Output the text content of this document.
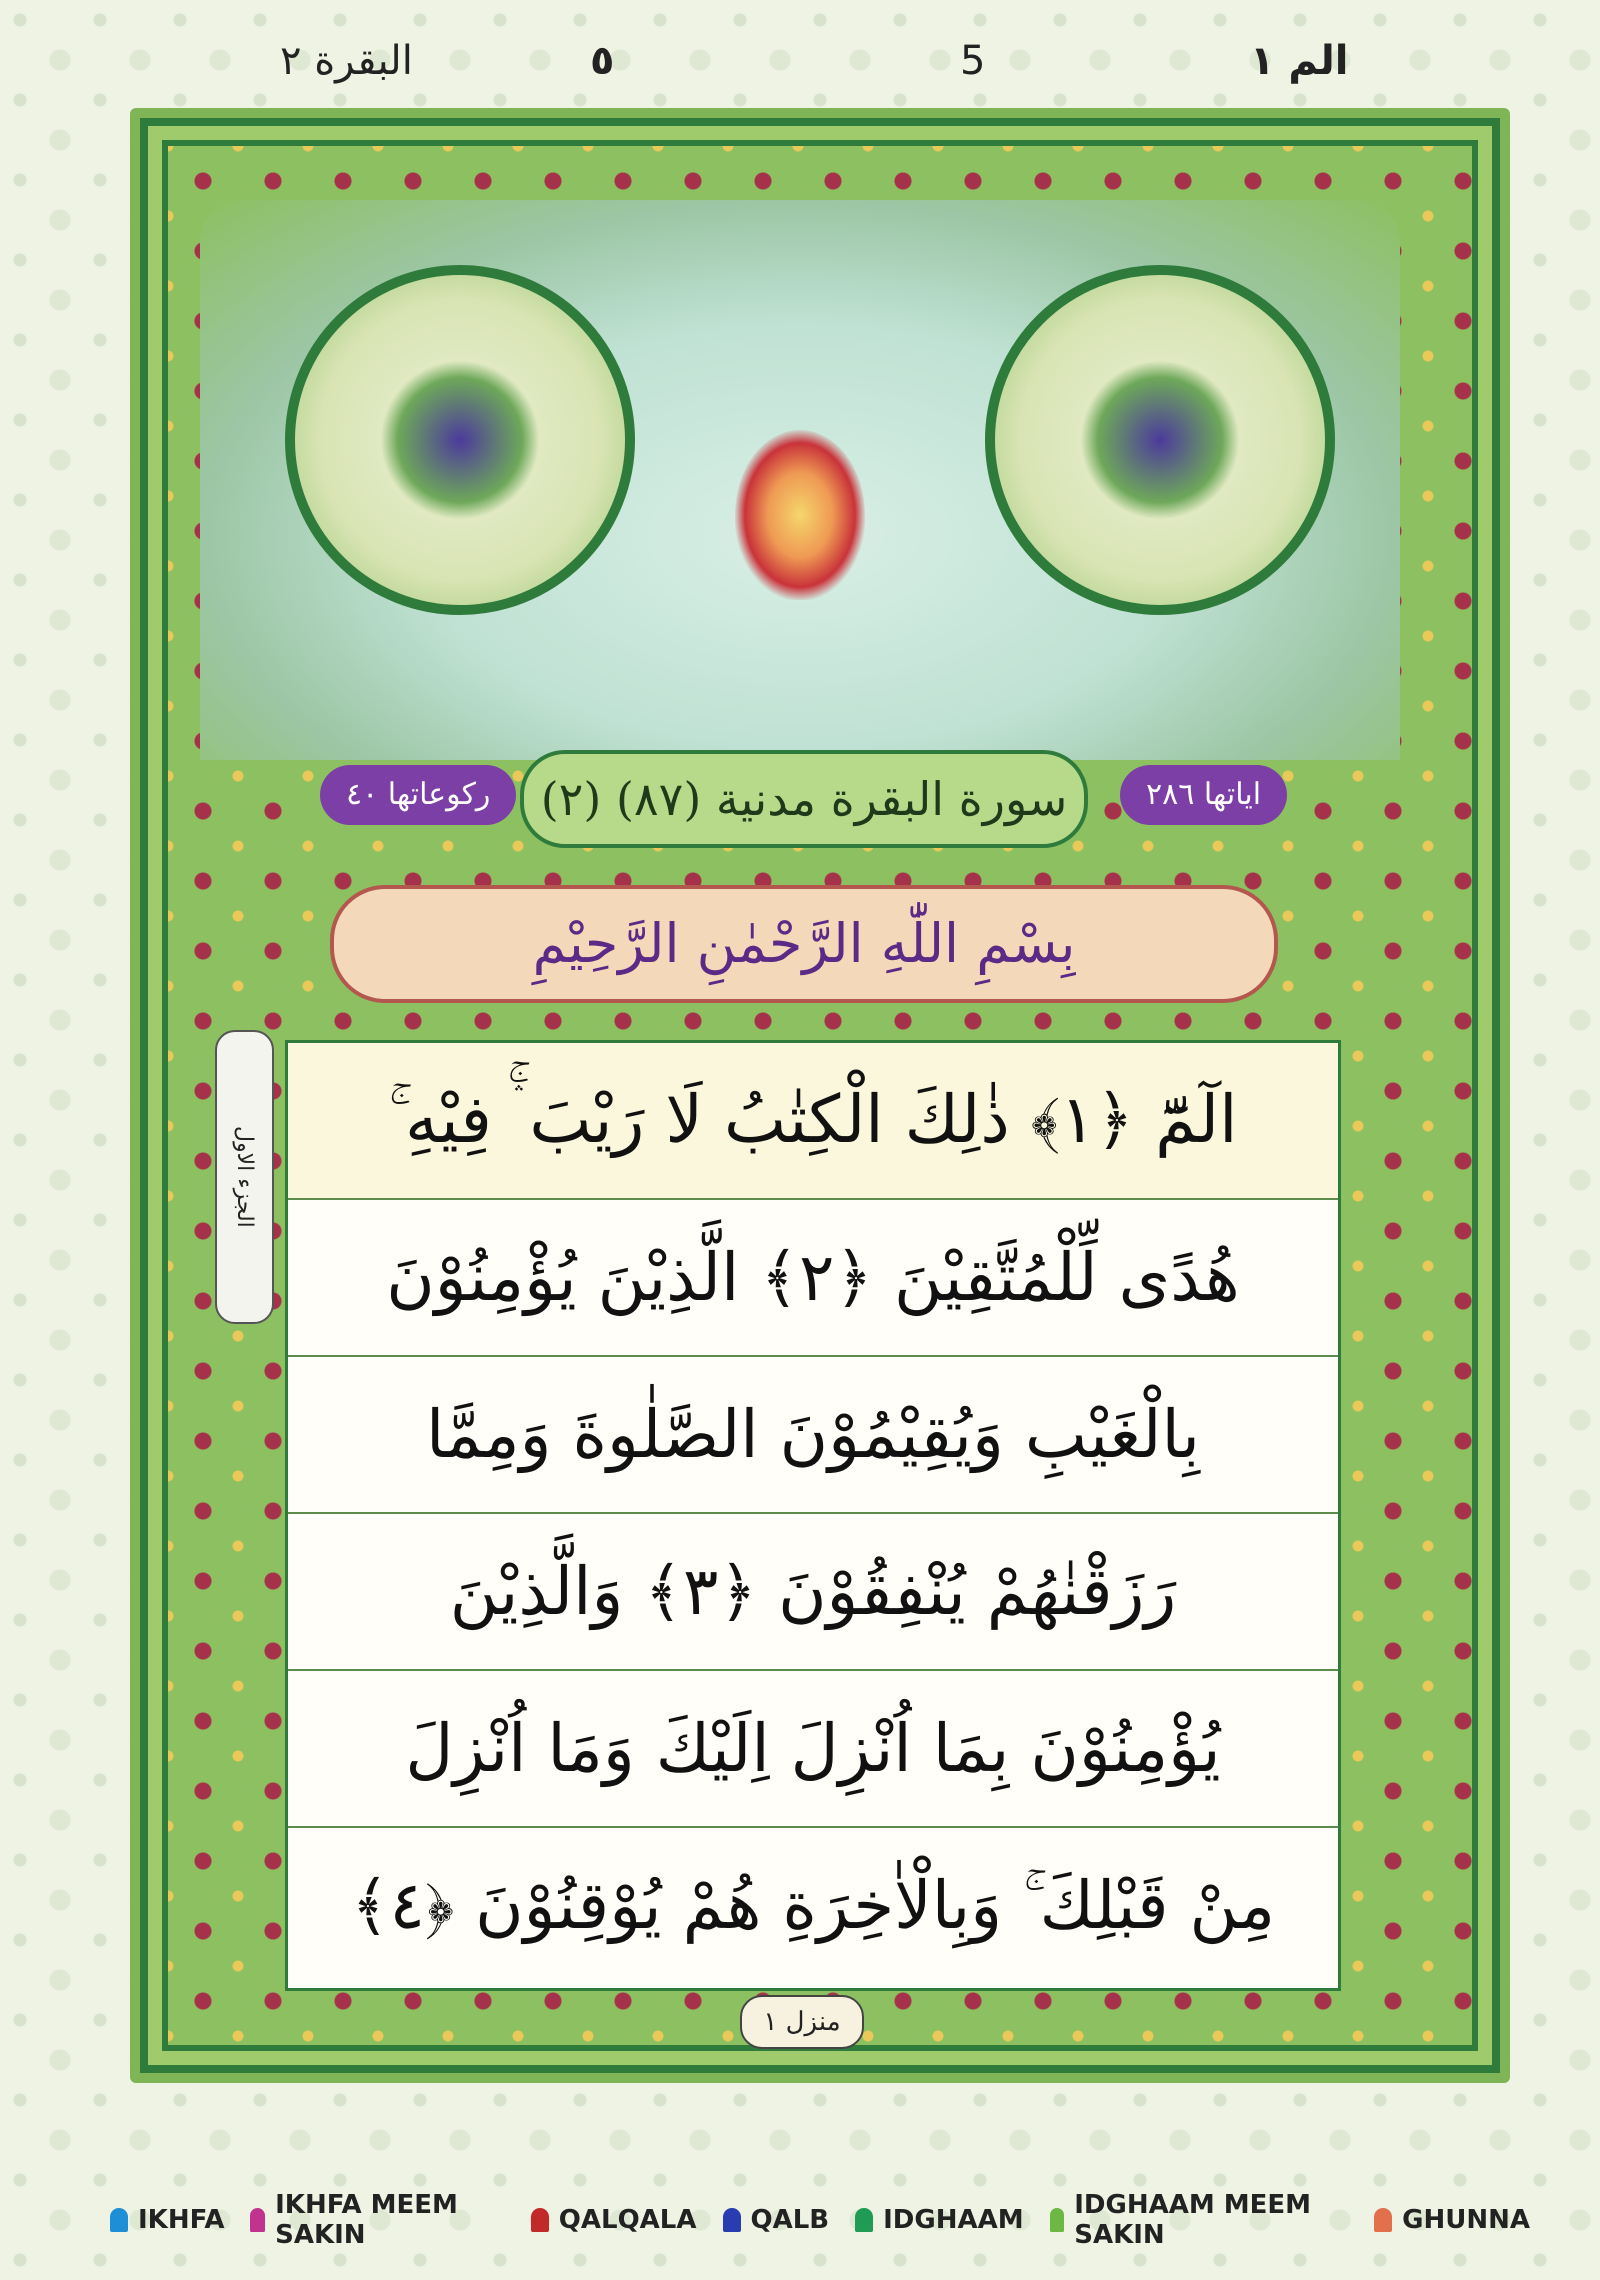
البقرة ٢	٥	5	الم ١
ركوعاتها ٤٠	(٢) سورة البقرة مدنية (٨٧)	اياتها ٢٨٦
بِسْمِ اللّٰهِ الرَّحْمٰنِ الرَّحِيْمِ
الجزء الاول
الٓمّٓ ﴿١﴾ ذٰلِكَ الْكِتٰبُ لَا رَيْبَ ۛۚ فِيْهِ ۚ
هُدًى لِّلْمُتَّقِيْنَ ﴿٢﴾ الَّذِيْنَ يُؤْمِنُوْنَ
بِالْغَيْبِ وَيُقِيْمُوْنَ الصَّلٰوةَ وَمِمَّا
رَزَقْنٰهُمْ يُنْفِقُوْنَ ﴿٣﴾ وَالَّذِيْنَ
يُؤْمِنُوْنَ بِمَا اُنْزِلَ اِلَيْكَ وَمَا اُنْزِلَ
مِنْ قَبْلِكَ ۚ وَبِالْاٰخِرَةِ هُمْ يُوْقِنُوْنَ ﴿٤﴾
منزل ١
IKHFA IKHFA MEEM SAKIN	QALQALA QALB IDGHAAM IDGHAAM MEEM SAKIN	GHUNNA
